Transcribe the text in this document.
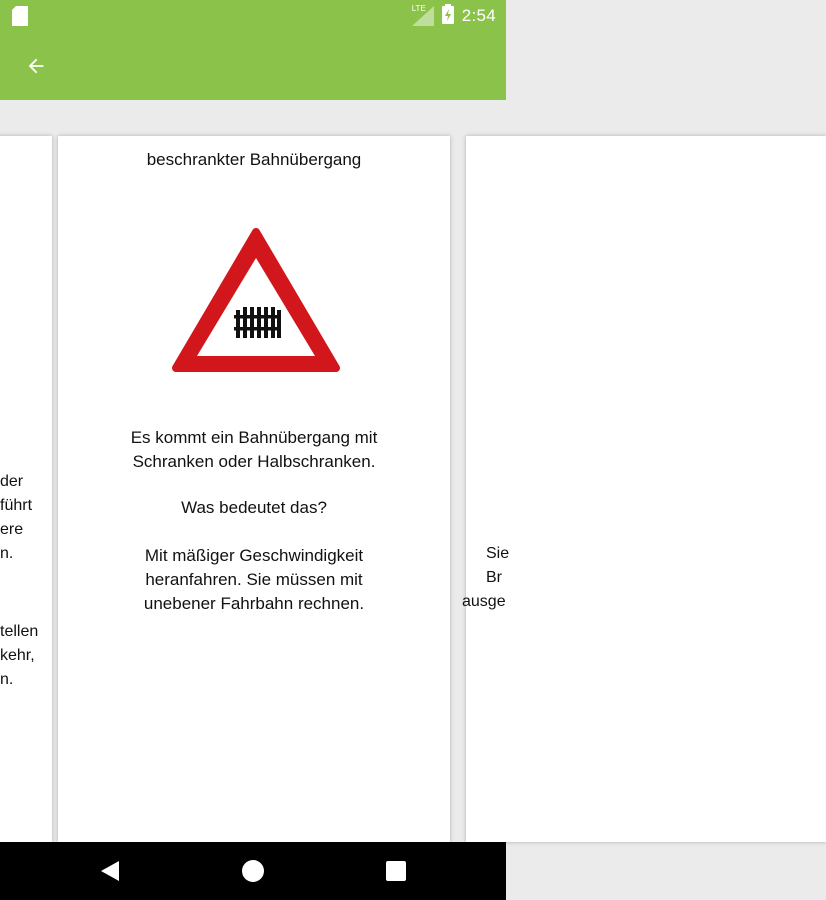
LTE 2:54
der
führt
ere
n.
tellen
kehr,
n.
beschrankter Bahnübergang
Es kommt ein Bahnübergang mit
Schranken oder Halbschranken.
Was bedeutet das?
Mit mäßiger Geschwindigkeit
heranfahren. Sie müssen mit
unebener Fahrbahn rechnen.
Sie
Br
ausge
